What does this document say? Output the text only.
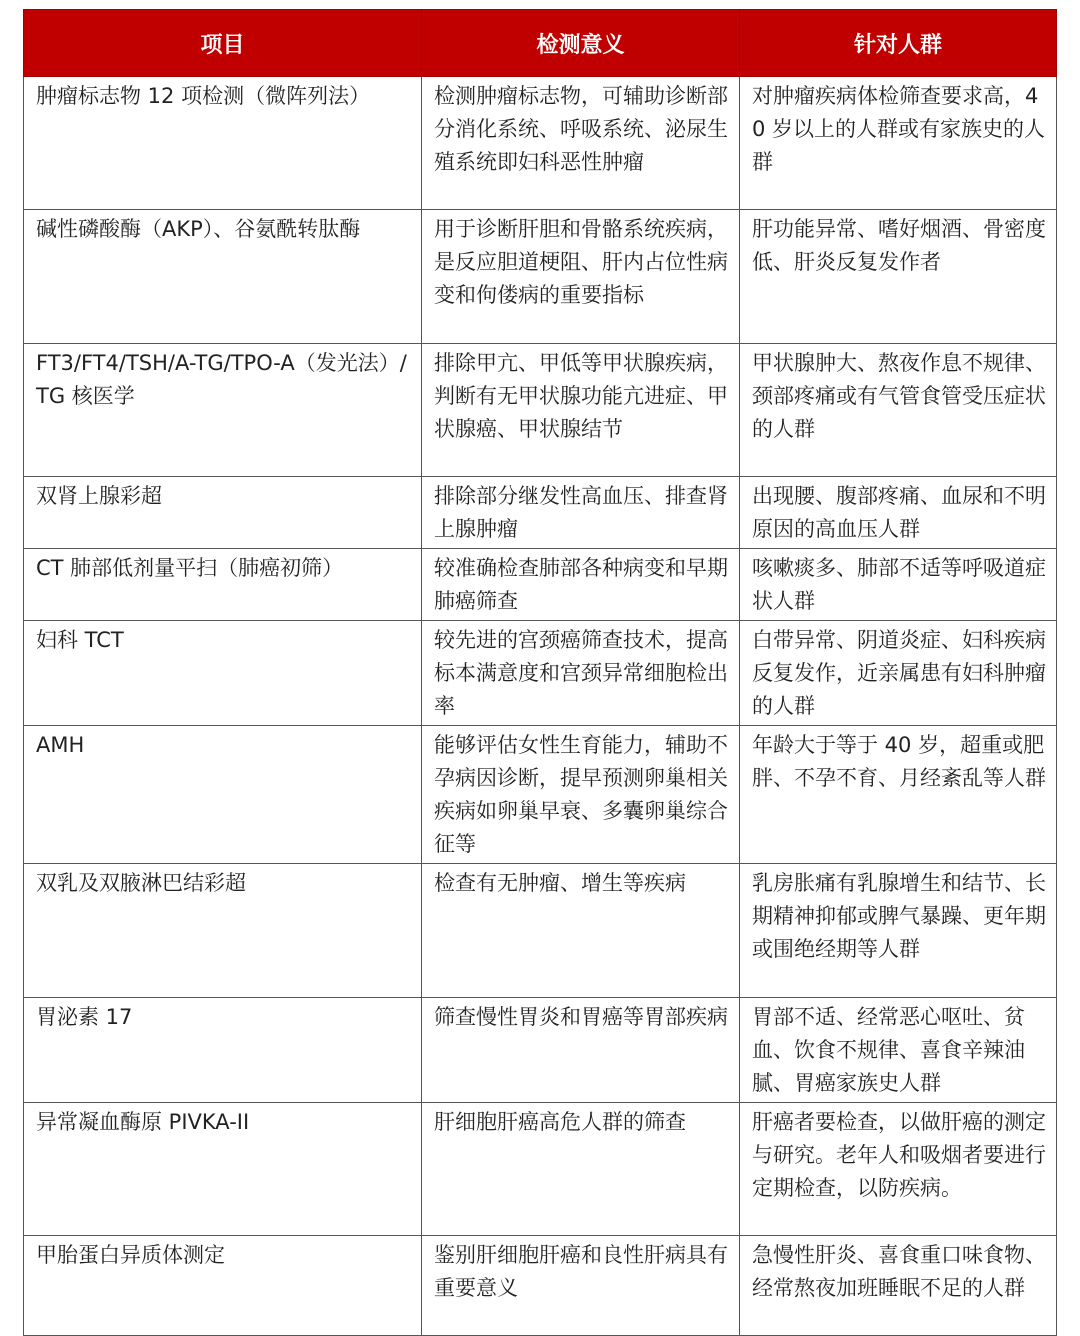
项目	检测意义	针对人群
肿瘤标志物 12 项检测（微阵列法）	检测肿瘤标志物，可辅助诊断部分消化系统、呼吸系统、泌尿生殖系统即妇科恶性肿瘤	对肿瘤疾病体检筛查要求高，40 岁以上的人群或有家族史的人群
碱性磷酸酶（AKP）、谷氨酰转肽酶	用于诊断肝胆和骨骼系统疾病，是反应胆道梗阻、肝内占位性病变和佝偻病的重要指标	肝功能异常、嗜好烟酒、骨密度低、肝炎反复发作者
FT3/FT4/TSH/A-TG/TPO-A（发光法）/TG 核医学	排除甲亢、甲低等甲状腺疾病，判断有无甲状腺功能亢进症、甲状腺癌、甲状腺结节	甲状腺肿大、熬夜作息不规律、颈部疼痛或有气管食管受压症状的人群
双肾上腺彩超	排除部分继发性高血压、排查肾上腺肿瘤	出现腰、腹部疼痛、血尿和不明原因的高血压人群
CT 肺部低剂量平扫（肺癌初筛）	较准确检查肺部各种病变和早期肺癌筛查	咳嗽痰多、肺部不适等呼吸道症状人群
妇科 TCT	较先进的宫颈癌筛查技术，提高标本满意度和宫颈异常细胞检出率	白带异常、阴道炎症、妇科疾病反复发作，近亲属患有妇科肿瘤的人群
AMH	能够评估女性生育能力，辅助不孕病因诊断，提早预测卵巢相关疾病如卵巢早衰、多囊卵巢综合征等	年龄大于等于 40 岁，超重或肥胖、不孕不育、月经紊乱等人群
双乳及双腋淋巴结彩超	检查有无肿瘤、增生等疾病	乳房胀痛有乳腺增生和结节、长期精神抑郁或脾气暴躁、更年期或围绝经期等人群
胃泌素 17	筛查慢性胃炎和胃癌等胃部疾病	胃部不适、经常恶心呕吐、贫血、饮食不规律、喜食辛辣油腻、胃癌家族史人群
异常凝血酶原 PIVKA-II	肝细胞肝癌高危人群的筛查	肝癌者要检查，以做肝癌的测定与研究。老年人和吸烟者要进行定期检查，以防疾病。
甲胎蛋白异质体测定	鉴别肝细胞肝癌和良性肝病具有重要意义	急慢性肝炎、喜食重口味食物、经常熬夜加班睡眠不足的人群
